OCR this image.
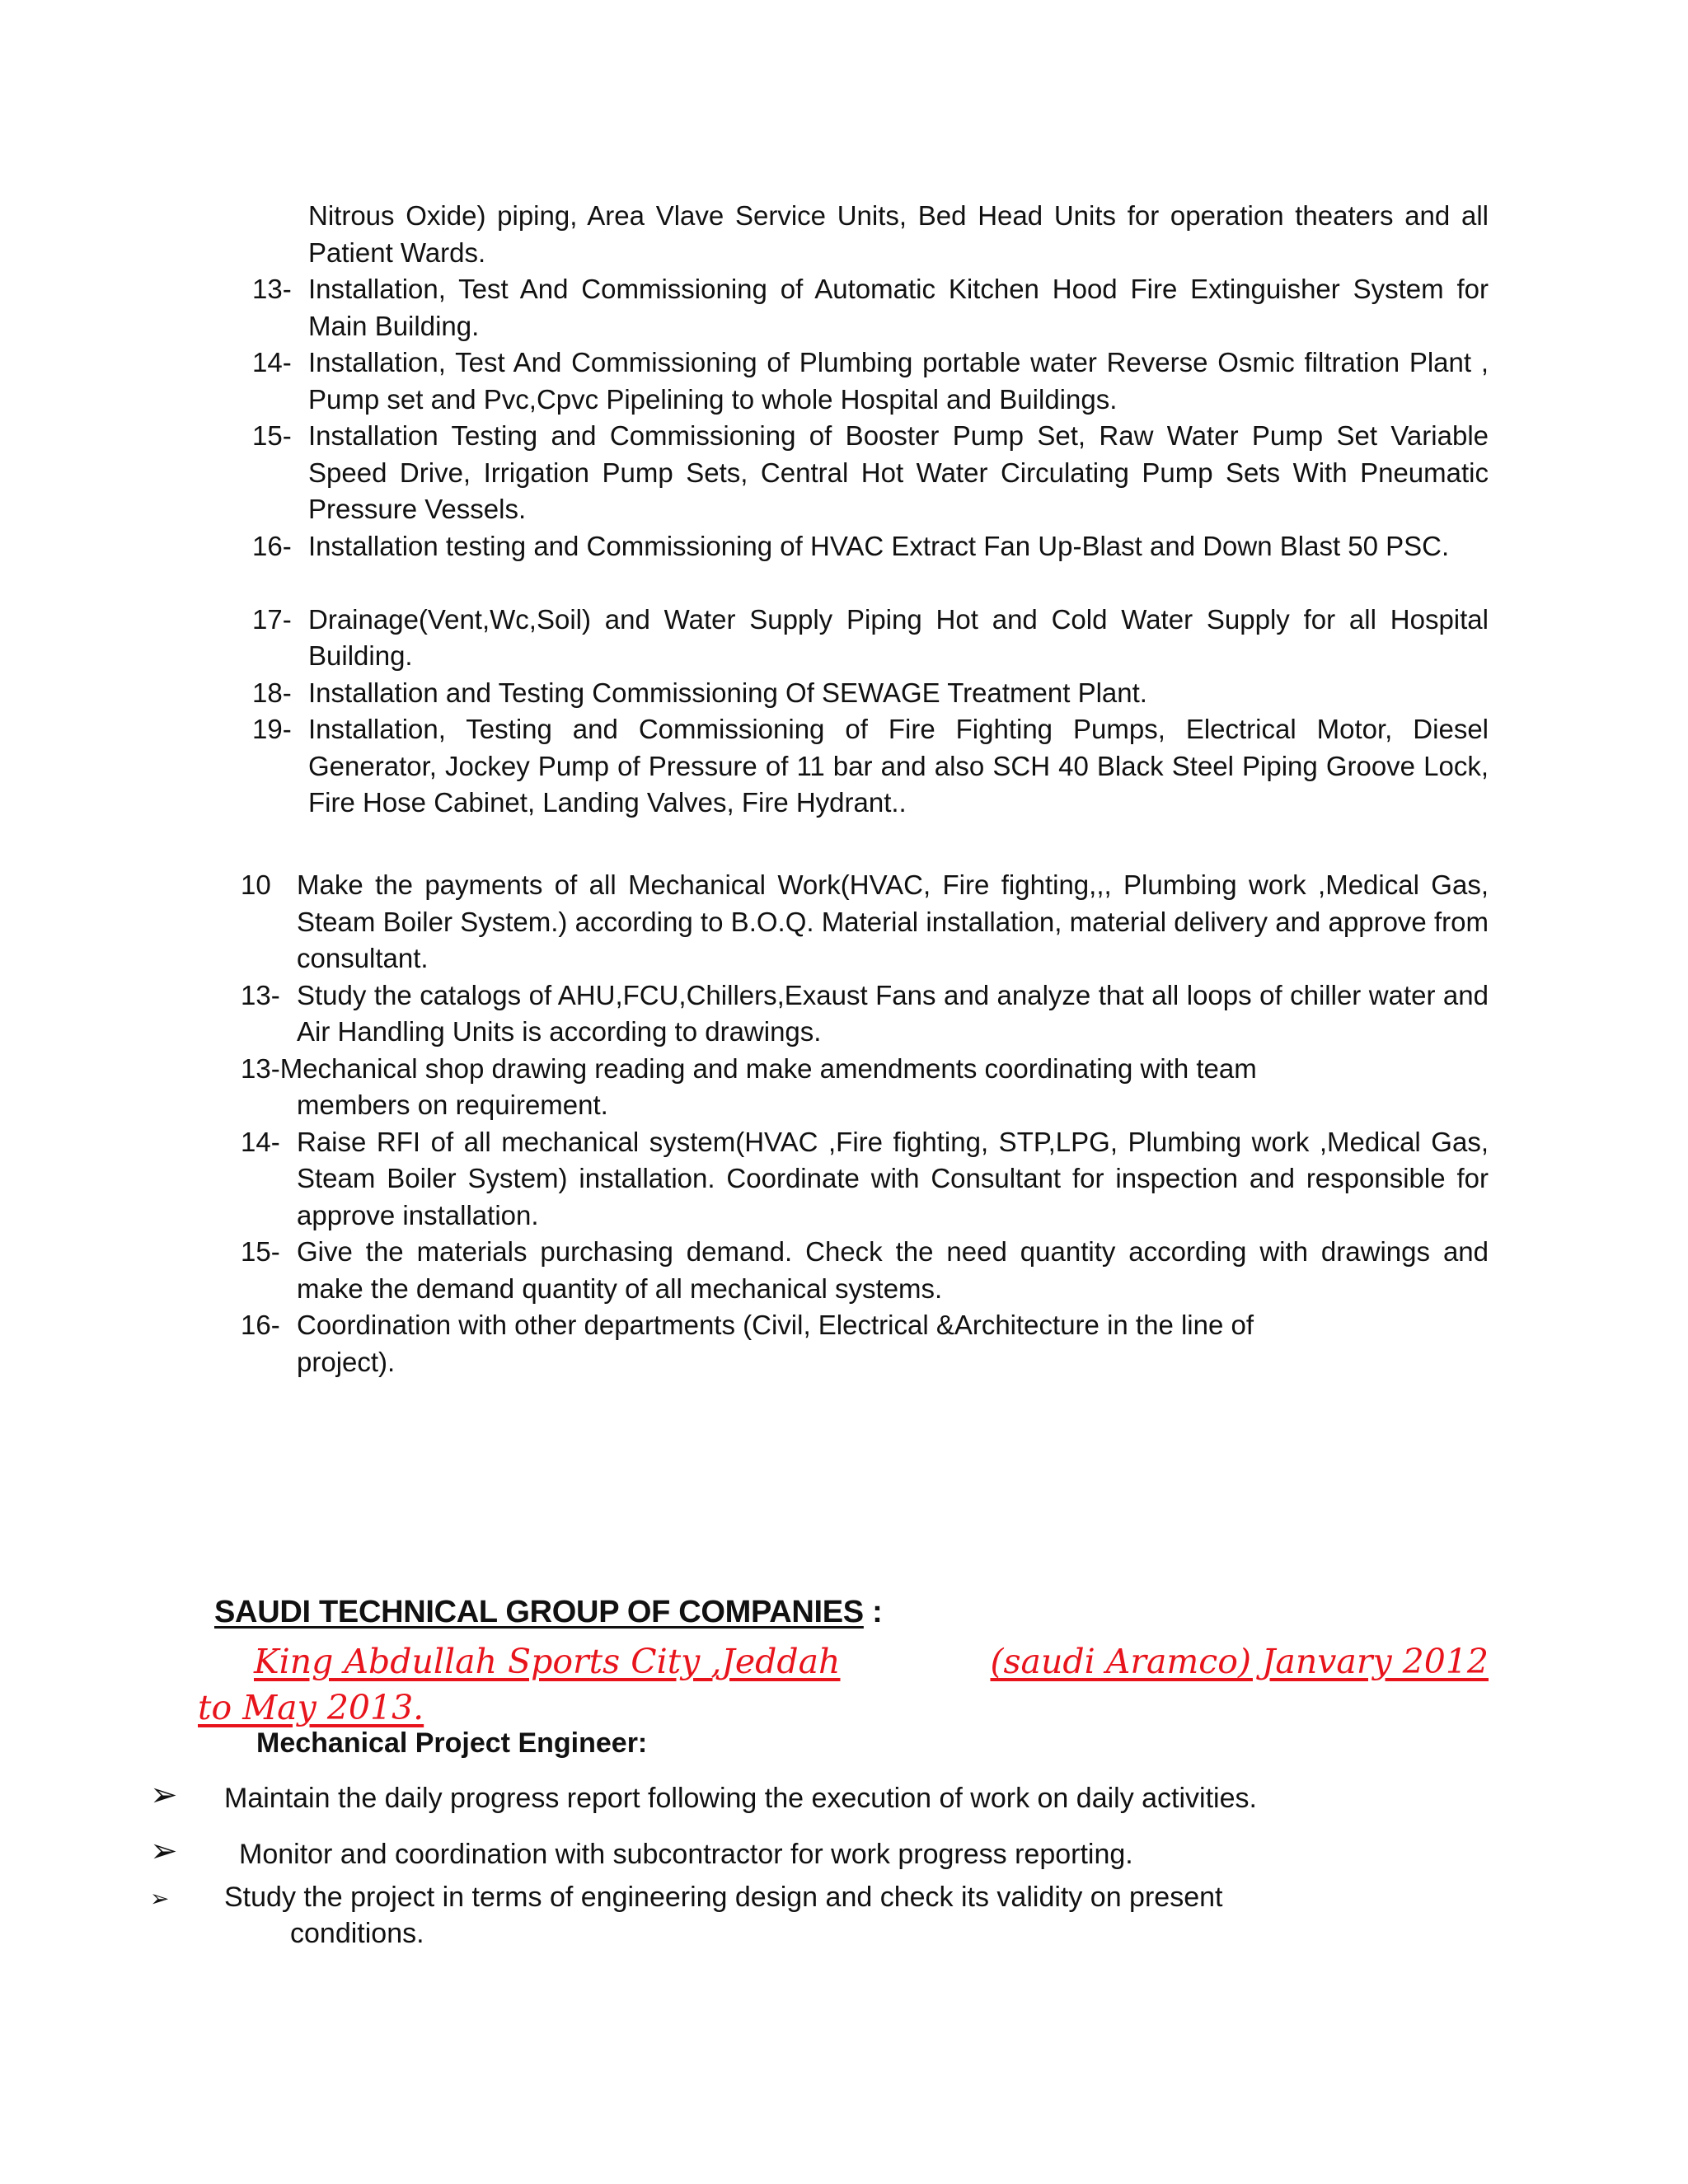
Nitrous Oxide) piping, Area Vlave Service Units, Bed Head Units for operation theaters and all Patient Wards.
13- Installation, Test And Commissioning of Automatic Kitchen Hood Fire Extinguisher System for Main Building.
14- Installation, Test And Commissioning of Plumbing portable water Reverse Osmic filtration Plant , Pump set and Pvc,Cpvc Pipelining to whole Hospital and Buildings.
15- Installation Testing and Commissioning of Booster Pump Set, Raw Water Pump Set Variable Speed Drive, Irrigation Pump Sets, Central Hot Water Circulating Pump Sets With Pneumatic Pressure Vessels.
16- Installation testing and Commissioning of HVAC Extract Fan Up-Blast and Down Blast 50 PSC.
17- Drainage(Vent,Wc,Soil) and Water Supply Piping Hot and Cold Water Supply for all Hospital Building.
18- Installation and Testing Commissioning Of SEWAGE Treatment Plant.
19- Installation, Testing and Commissioning of Fire Fighting Pumps, Electrical Motor, Diesel Generator, Jockey Pump of Pressure of 11 bar and also SCH 40 Black Steel Piping Groove Lock, Fire Hose Cabinet, Landing Valves, Fire Hydrant..
10 Make the payments of all Mechanical Work(HVAC, Fire fighting,,, Plumbing work ,Medical Gas, Steam Boiler System.) according to B.O.Q. Material installation, material delivery and approve from consultant.
13- Study the catalogs of AHU,FCU,Chillers,Exaust Fans and analyze that all loops of chiller water and Air Handling Units is according to drawings.
13-Mechanical shop drawing reading and make amendments coordinating with team
members on requirement.
14- Raise RFI of all mechanical system(HVAC ,Fire fighting, STP,LPG, Plumbing work ,Medical Gas, Steam Boiler System) installation. Coordinate with Consultant for inspection and responsible for approve installation.
15- Give the materials purchasing demand. Check the need quantity according with drawings and make the demand quantity of all mechanical systems.
16- Coordination with other departments (Civil, Electrical &Architecture in the line of
project).
SAUDI TECHNICAL GROUP OF COMPANIES :
King Abdullah Sports City ,Jeddah	(saudi Aramco) Janvary 2012
to May 2013.
Mechanical Project Engineer:
➢ Maintain the daily progress report following the execution of work on daily activities.
➢ Monitor and coordination with subcontractor for work progress reporting.
➢ Study the project in terms of engineering design and check its validity on present
conditions.
